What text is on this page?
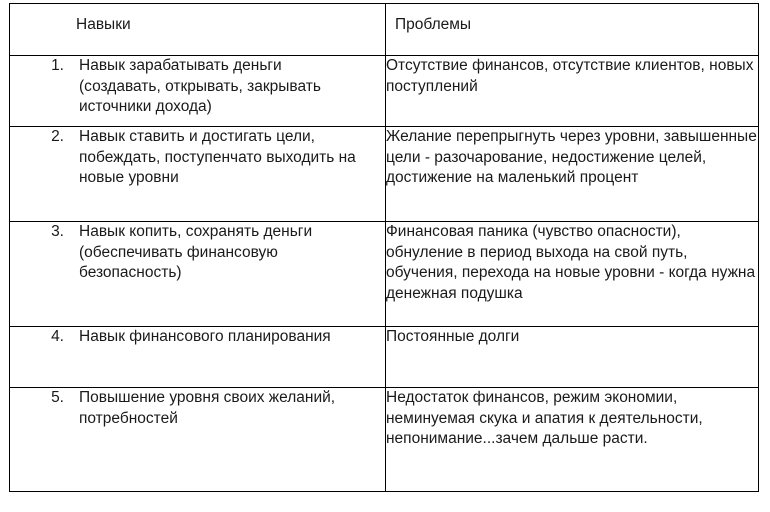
Навыки	Проблемы

1. Навык зарабатывать деньги (создавать, открывать, закрывать источники дохода)	Отсутствие финансов, отсутствие клиентов, новых поступлений

2. Навык ставить и достигать цели, побеждать, поступенчато выходить на новые уровни	Желание перепрыгнуть через уровни, завышенные цели - разочарование, недостижение целей, достижение на маленький процент

3. Навык копить, сохранять деньги (обеспечивать финансовую безопасность)	Финансовая паника (чувство опасности), обнуление в период выхода на свой путь, обучения, перехода на новые уровни - когда нужна денежная подушка

4. Навык финансового планирования	Постоянные долги

5. Повышение уровня своих желаний, потребностей	Недостаток финансов, режим экономии, неминуемая скука и апатия к деятельности, непонимание...зачем дальше расти.
